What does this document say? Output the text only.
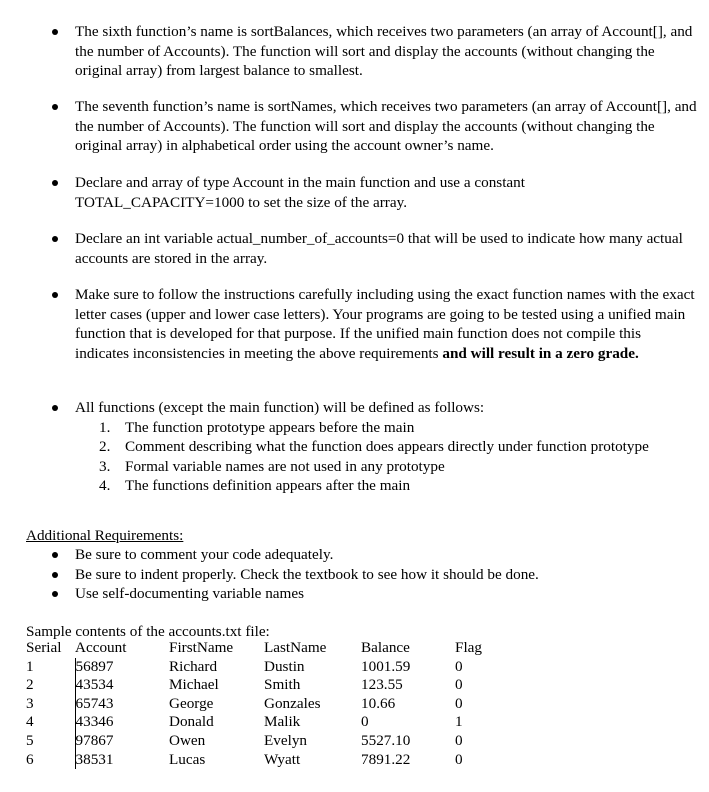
The sixth function’s name is sortBalances, which receives two parameters (an array of Account[], and the number of Accounts). The function will sort and display the accounts (without changing the original array) from largest balance to smallest.

The seventh function’s name is sortNames, which receives two parameters (an array of Account[], and the number of Accounts). The function will sort and display the accounts (without changing the original array) in alphabetical order using the account owner’s name.

Declare and array of type Account in the main function and use a constant TOTAL_CAPACITY=1000 to set the size of the array.

Declare an int variable actual_number_of_accounts=0 that will be used to indicate how many actual accounts are stored in the array.

Make sure to follow the instructions carefully including using the exact function names with the exact letter cases (upper and lower case letters). Your programs are going to be tested using a unified main function that is developed for that purpose. If the unified main function does not compile this indicates inconsistencies in meeting the above requirements and will result in a zero grade.

All functions (except the main function) will be defined as follows:

1. The function prototype appears before the main
2. Comment describing what the function does appears directly under function prototype
3. Formal variable names are not used in any prototype
4. The functions definition appears after the main
Additional Requirements:
Be sure to comment your code adequately.
Be sure to indent properly. Check the textbook to see how it should be done.
Use self-documenting variable names
Sample contents of the accounts.txt file:
Serial	Account	FirstName	LastName	Balance	Flag
1	56897	Richard	Dustin	1001.59	0
2	43534	Michael	Smith	123.55	0
3	65743	George	Gonzales	10.66	0
4	43346	Donald	Malik	0	1
5	97867	Owen	Evelyn	5527.10	0
6	38531	Lucas	Wyatt	7891.22	0
